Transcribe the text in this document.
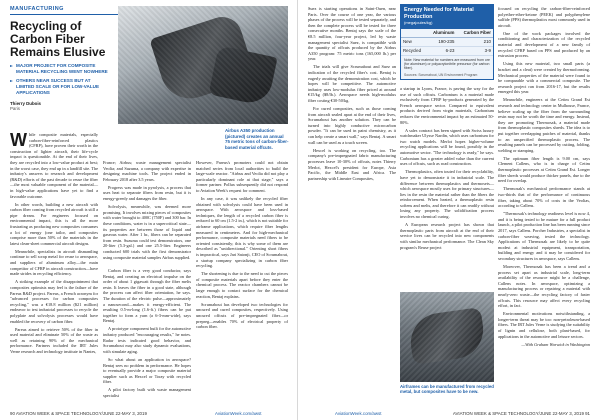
MANUFACTURING
Recycling of Carbon Fiber Remains Elusive
MAJOR PROJECT FOR COMPOSITE MATERIAL RECYCLING WENT NOWHERE
OTHERS NEAR SUCCESS BUT AT LIMITED SCALE OR FOR LOW-VALUE APPLICATIONS
Thierry Dubois
Paris
Airbus A350 production (pictured) creates an annual 75 metric tons of carbon-fiber-based material offcuts.

While composite materials, especially carbon-fiber-reinforced plastics (CFRP), have proven their worth in the construction of lighter aircraft, their life-cycle impact is questionable. At the end of their lives, they are recycled into a low-value product at best; in the worst case, they end up in a landfill site. The industry's answers to research and development (R&D) efforts of the past decade to reuse the fiber—the most valuable component of the material—in high-value applications have yet to find a favorable outcome.

In other words, building a new aircraft with carbon fiber coming from recycled aircraft is still a pipe dream. For engineers focused on environmental impact, this is all the more frustrating as producing new composites consumes a lot of energy (one tailor, and composites comprise more than 50% of the materials in the latest clean-sheet commercial aircraft designs.

Meanwhile, specialists in aircraft dismantling continue to sell scrap metal for reuse to aerospace, and suppliers of aluminum alloy—the main competitor of CFRP in aircraft construction—have made strides in recycling efficiency.

A striking example of the disappointment that composites optimists may feel is the failure of the Pareus R&D project. Pareus, a French acronym for "advanced processes for carbon composites recycling," was a €18.8 million ($21 million) endeavor to test industrial processes to recycle the polyplate and solvolysis processes would have enabled the recovery of carbon fiber.

Pareus aimed to retrieve 50% of the fiber in used material and eliminate 50% of the waste as well as retaining 90% of the mechanical performance. Partners included the IRT Jules Verne research and technology institute in Nantes,

France; Airbus; waste management specialist Veolia; and Suzuma, a company with expertise in designing machine tools. The project ended in February 2018 after 3.5 years.

Progress was made in pyrolysis, a process that uses heat to separate fibers from resin, but it is energy-greedy and damages the fiber.

Solvolysis, meanwhile, was deemed more promising. It involves mixing pieces of composites with water brought to 400C (750F) and 300 bar. In these conditions, water is in a supercritical state—its properties are between those of liquid and gaseous water. After 1 hr., fibers can be separated from resin. Suzuma could test demonstrators, one 20-liter (5.3-gal.) and one 25.5-liter. Engineers conducted 600 trials with the first demonstrator using composite material samples Airbus supplied.

However, Pareus's promoters could not obtain matched series from local authorities to build the large-scale reactor. "Airbus and Veolia did not play a particularly dominant role at that stage," says a former partner. Pollux subsequently did not respond to Aviation Week's request for comment.

In any case, it was unlikely the recycled fiber obtained with solvolysis could have been used in aerospace. With aerospace and loss-based techniques, the length of a recycled carbon fiber is reduced to 60 cm (1.5-2 in.), which is not suitable for airframe applications, which require fiber lengths measured in centimeters. And for high-mechanical performance, composite materials need fibers to be oriented consistently; this is why some of them are described as "unidirectional." Orienting short fibers is impractical, says Jari Satonji, CEO of Scrumabout, a startup company specializing in carbon fiber recycling.

The shortening is due to the need to cut the pieces of composite materials apart before they enter the chemical process. The reactor chambers cannot be large enough to contact surface for the chemical reaction, Bentaj explains.

Scrumabout has developed two technologies for uncured and cured composites, respectively. Using uncured offcuts of pre-impregnated fiber—or prepreg—enables 70% of electrical property of carbon fiber.

Carbon fiber is a very good conductor, says Bentaj, and creating an electrical impulse on the order of about 1 gigawatt through the fiber melts resin. It leaves the fiber in a good state, although the process can affect fiber orientation, he says. The duration of the electric pulse—approximately a nanosecond—makes it energy-efficient. The resulting 0.5-m-long (1.6-ft.) fibers can be put together to form a yarn (a 6-3-mm-wide), says Bentaj.

A prototype component built for the automotive industry produced "encouraging results," he notes. Radar tests indicated good behavior, and Scrumabout may also study dynamic evaluations, with simulate aging.

So what about an application in aerospace? Bentaj sees no problem in performance. He hopes to eventually provide a major composite material supplier such as Hexcel or Toray with recycled fiber.

A pilot factory built with waste management specialist

Suez is starting operations in Saint-Ouen, near Paris. Over the course of one year, the various phases of the process will be tested separately, and then the complete process will be tested for three consecutive months. Bentaj says the scale of the €8.5 million, four-year project, led by waste management specialist Suez, is compatible with the quantity of offcuts produced by the Airbus A350 program: 75 metric tons (165,000 lb.) per year.

The trials will give Scrumabout and Suez an indication of the recycled fiber's cost. Bentaj is eagerly awaiting the demonstration cost, which he hopes will be competitive. The automotive industry uses low-modulus fiber priced at around €15/kg ($8/lb.). Aerospace needs high-modulus fiber costing €30-50/kg.

For cured composites, such as those coming from aircraft sealed apart at the end of their lives, Scrumabout has another solution. They can be turned into highly conductive microcarbon powder. "It can be used in paint chemistry, as it can help create a smart wall," says Bentaj. A smart wall can be used as a touch screen.

Hexcel is working on recycling, too. The company's pre-impregnated fabric manufacturing processes leave 10-30% of offcuts, notes Thierry Merlot, Hexcel's president for Europe, Asia Pacific, the Middle East and Africa. The partnership with Lineaire Composites,

Energy Needed for Material Production
(megajoules/kg)
	Aluminum	Carbon Fiber
New	190-235	210
Recycled	6-23	3-9
Note: New material for numbers are measured from ore (for aluminum) or polyacrylonitrile precursor (for carbon fiber).
Sources: Scrumabout, UN Environment Program

a startup in Lyons, France, is paving the way for the use of such offcuts. Carbonium is a material made exclusively from CFRP by-products generated by the French aerospace sector. Compared to equivalent products derived from virgin materials, Carbonium reduces the environmental impact by an estimated 50-80%.

A sales contract has been signed with Swiss luxury watchmaker Ulysse Nardin, which uses carbonium for two watch models. Merlot hopes higher-volume recycling applications will be found, possibly in the automotive sector. "The technology is ready," he says. Carbonium has a greater added value than the current uses of offcuts, such as road construction.

Thermoplastics, often touted for their recyclability, have yet to demonstrate it in industrial scale. The difference between thermoplastics and thermosets—which aerospace mostly uses for primary structures—lies in the resin the material rather than the fibers the reinforcement. When heated, a thermoplastic resin softens and melts, and therefore it can readily without losing any property. The solidification process involves no chemical curing.

A European research project has shown that thermoplastic parts from aircraft at the end of their service lives can be recycled into new components with similar mechanical performance. The Clean Sky program's Reuse project

Airframes can be manufactured from recycled metal, but composites have to be new.

focused on recycling the carbon-fiber-reinforced polyether-ether-ketone (PEEK) and polyphenylene sulfide (PPS) thermoplastics most commonly used in aircraft.

One of the work packages involved the conditioning and characterization of the recycled material and development of a new family of recycled CFRP based on PPS and produced by an extrusion process.

Using this new material, two small parts (a bracket and a cleat) were created by thermoforming. Mechanical properties of the material were found to be comparable with a commercial composite. The research project ran from 2016-17, but the results emerged this year.

Meanwhile, engineers at the Cetim Grand Est research and technology center in Mulhouse, France, believe scaling up the fiber from the surrounding resin may not be worth the time and energy. Instead, they are promoting Thermosak, a material made from thermoplastic composites shreds. The idea is to put together overlapping patches of material, thanks to an unspecified thermoplastic process. The resulting panels can be processed by cutting, folding, welding or stamping.

The optimum fiber length is 9.00 cm, says Clement Callens, who is in charge of Cetim thermoplastic processes at Cetim Grand Est. Longer fiber shreds would produce thicker panels, due to the need for overlap.

Thermosak's mechanical performance stands at two-thirds that of the performance of continuous fiber, taking about 70% of costs in the Veolias, according to Callens.

"Thermosak's technology readiness level is now 4, and it is being tested to be mature for a full product launch, a pilot production line has been running since 2017, says Callens. Porcher Industries, a specialist in carbon-fiber weaving, tested the technology. Applications of Thermosak are likely to be quite modest at industrial equipment, transportation, building and energy and it may be considered for secondary structures in aerospace, says Callens.

Moreover, Thermosak has been a trend and a process set apart as industrial scale, long-term availability of the resource might be a challenge, Callens notes. In aerospace, optimizing a manufacturing process or repairing a material with nearly-zero waste—the recycling factory of faster offcuts. This resource may affect every recycling effort, in fact.

Environmental motivations notwithstanding, a longer-term threat may be too: non-petroleum-based fibers. The IRT Jules Verne is studying the suitability of lignin and cellulose, both plant-based, for applications in the automotive and leisure sectors.

—With Graham Warwick in Washington

90 AVIATION WEEK & SPACE TECHNOLOGY/JUNE 22-MAY 3, 2019	AviationWeek.com/awst	AviationWeek.com/awst	AVIATION WEEK & SPACE TECHNOLOGY/JUNE 22-MAY 3, 2019 91
